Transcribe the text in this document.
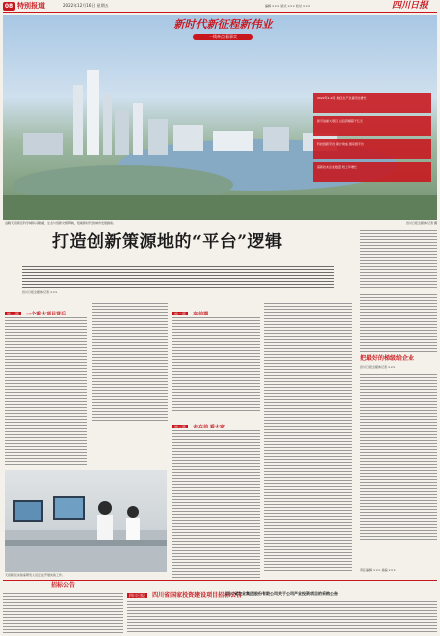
08 特别报道	2022年12月16日 星期五	编辑 ××× 版式 ××× 校对 ×××	四川日报
新时代新征程新伟业
一线牵点看事实
2022年1-9月 地区生产总值同比增长
新引进重大项目 总投资额超千亿元
科技创新平台 累计建成 国家级平台
高新技术企业数量 较上年增长
远眺天府新区科学城和兴隆湖，生态与创新交相辉映，绘就新时代的城市发展画卷。	四川日报全媒体记者 摄
打造创新策源地的“平台”逻辑
四川日报全媒体记者 ×××
把最好的梯级给企业
四川日报全媒体记者 ×××
责任编辑 ××× 美编 ×××
天府新区实验室研究人员正在开展实验工作。
招标公告
四川日报 四川省国家投资建设项目招标公告
四川省农业集团股份有限公司关于公司产业投资项目的采购公告
